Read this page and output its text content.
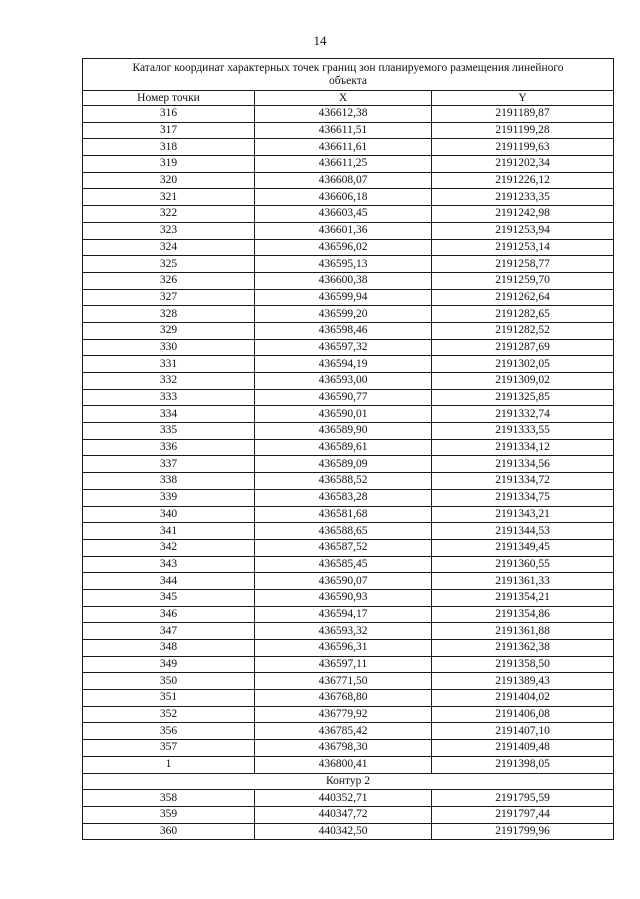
14
Каталог координат характерных точек границ зон планируемого размещения линейного объекта		
Номер точки	X	Y
316	436612,38	2191189,87
317	436611,51	2191199,28
318	436611,61	2191199,63
319	436611,25	2191202,34
320	436608,07	2191226,12
321	436606,18	2191233,35
322	436603,45	2191242,98
323	436601,36	2191253,94
324	436596,02	2191253,14
325	436595,13	2191258,77
326	436600,38	2191259,70
327	436599,94	2191262,64
328	436599,20	2191282,65
329	436598,46	2191282,52
330	436597,32	2191287,69
331	436594,19	2191302,05
332	436593,00	2191309,02
333	436590,77	2191325,85
334	436590,01	2191332,74
335	436589,90	2191333,55
336	436589,61	2191334,12
337	436589,09	2191334,56
338	436588,52	2191334,72
339	436583,28	2191334,75
340	436581,68	2191343,21
341	436588,65	2191344,53
342	436587,52	2191349,45
343	436585,45	2191360,55
344	436590,07	2191361,33
345	436590,93	2191354,21
346	436594,17	2191354,86
347	436593,32	2191361,88
348	436596,31	2191362,38
349	436597,11	2191358,50
350	436771,50	2191389,43
351	436768,80	2191404,02
352	436779,92	2191406,08
356	436785,42	2191407,10
357	436798,30	2191409,48
1	436800,41	2191398,05
Контур 2		
358	440352,71	2191795,59
359	440347,72	2191797,44
360	440342,50	2191799,96
